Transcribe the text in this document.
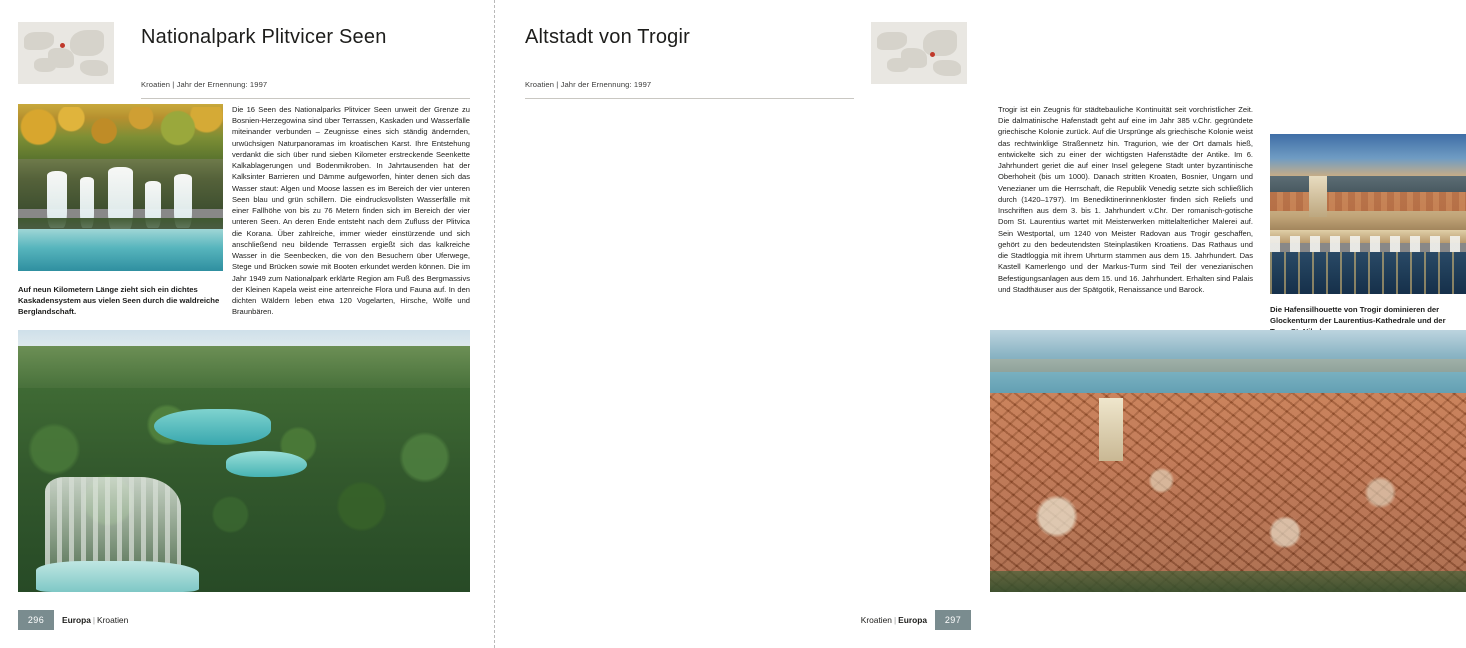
Nationalpark Plitvicer Seen
Kroatien | Jahr der Ernennung: 1997
Auf neun Kilometern Länge zieht sich ein dichtes Kaskadensystem aus vielen Seen durch die waldreiche Berglandschaft.
Die 16 Seen des Nationalparks Plitvicer Seen unweit der Grenze zu Bosnien-Herzegowina sind über Terrassen, Kaskaden und Wasserfälle miteinander verbunden – Zeugnisse eines sich ständig ändernden, urwüchsigen Naturpanoramas im kroatischen Karst. Ihre Entstehung verdankt die sich über rund sieben Kilometer erstreckende Seenkette Kalkablagerungen und Bodenmikroben. In Jahrtausenden hat der Kalksinter Barrieren und Dämme aufgeworfen, hinter denen sich das Wasser staut: Algen und Moose lassen es im Bereich der vier unteren Seen blau und grün schillern. Die eindrucksvollsten Wasserfälle mit einer Fallhöhe von bis zu 76 Metern finden sich im Bereich der vier unteren Seen. An deren Ende entsteht nach dem Zufluss der Plitvica die Korana. Über zahlreiche, immer wieder einstürzende und sich anschließend neu bildende Terrassen ergießt sich das kalkreiche Wasser in die Seenbecken, die von den Besuchern über Uferwege, Stege und Brücken sowie mit Booten erkundet werden können. Die im Jahr 1949 zum Nationalpark erklärte Region am Fuß des Bergmassivs der Kleinen Kapela weist eine artenreiche Flora und Fauna auf. In den dichten Wäldern leben etwa 120 Vogelarten, Hirsche, Wölfe und Braunbären.
296	Europa | Kroatien
Altstadt von Trogir
Kroatien | Jahr der Ernennung: 1997
Trogir ist ein Zeugnis für städtebauliche Kontinuität seit vorchristlicher Zeit. Die dalmatinische Hafenstadt geht auf eine im Jahr 385 v.Chr. gegründete griechische Kolonie zurück. Auf die Ursprünge als griechische Kolonie weist das rechtwinklige Straßennetz hin. Tragurion, wie der Ort damals hieß, entwickelte sich zu einer der wichtigsten Hafenstädte der Antike. Im 6. Jahrhundert geriet die auf einer Insel gelegene Stadt unter byzantinische Oberhoheit (bis um 1000). Danach stritten Kroaten, Bosnier, Ungarn und Venezianer um die Herrschaft, die Republik Venedig setzte sich schließlich durch (1420–1797). Im Benediktinerinnenkloster finden sich Reliefs und Inschriften aus dem 3. bis 1. Jahrhundert v.Chr. Der romanisch-gotische Dom St. Laurentius wartet mit Meisterwerken mittelalterlicher Malerei auf. Sein Westportal, um 1240 von Meister Radovan aus Trogir geschaffen, gehört zu den bedeutendsten Steinplastiken Kroatiens. Das Rathaus und die Stadtloggia mit ihrem Uhrturm stammen aus dem 15. Jahrhundert. Das Kastell Kamerlengo und der Markus-Turm sind Teil der venezianischen Befestigungsanlagen aus dem 15. und 16. Jahrhundert. Erhalten sind Palais und Stadthäuser aus der Spätgotik, Renaissance und Barock.
Die Hafensilhouette von Trogir dominieren der Glockenturm der Laurentius-Kathedrale und der
297
Kroatien | Europa
